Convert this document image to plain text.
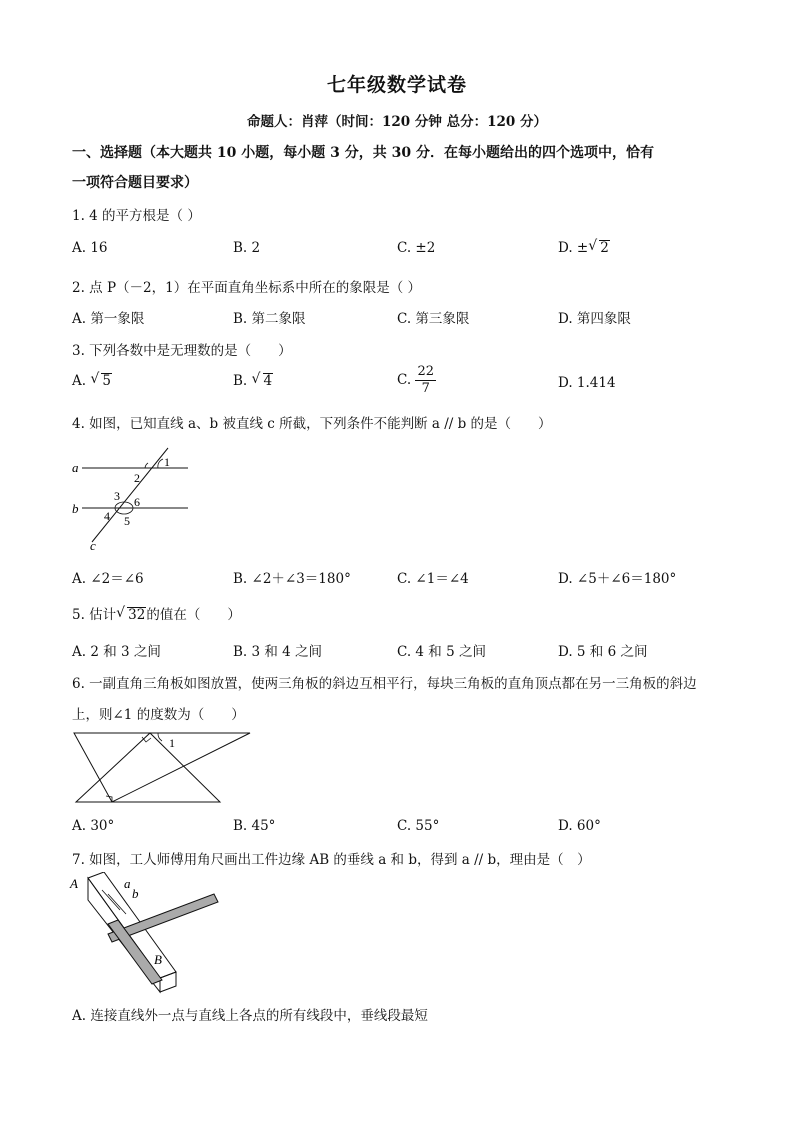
七年级数学试卷
命题人：肖萍（时间：120 分钟 总分：120 分）
一、选择题（本大题共 10 小题，每小题 3 分，共 30 分．在每小题给出的四个选项中，恰有
一项符合题目要求）
1. 4 的平方根是（ ）
A. 16	B. 2	C. ±2	D. ± √ 2
2. 点 P（－2，1）在平面直角坐标系中所在的象限是（ ）
A. 第一象限	B. 第二象限	C. 第三象限	D. 第四象限
3. 下列各数中是无理数的是（　　）
A. √ 5	B. √ 4	C. $\frac{22}{7}$	D. 1.414
4. 如图，已知直线 a、b 被直线 c 所截，下列条件不能判断 a // b 的是（　　）
a
b
c
1
2
3 6
4 5
A. ∠2＝∠6	B. ∠2＋∠3＝180°	C. ∠1＝∠4	D. ∠5＋∠6＝180°
5. 估计 √ 32的值在（　　）
A. 2 和 3 之间	B. 3 和 4 之间	C. 4 和 5 之间	D. 5 和 6 之间
6. 一副直角三角板如图放置，使两三角板的斜边互相平行，每块三角板的直角顶点都在另一三角板的斜边
上，则∠1 的度数为（　　）
1
A. 30°	B. 45°	C. 55°	D. 60°
7. 如图，工人师傅用角尺画出工件边缘 AB 的垂线 a 和 b，得到 a // b，理由是（　）
A	a
b
B
A. 连接直线外一点与直线上各点的所有线段中，垂线段最短
